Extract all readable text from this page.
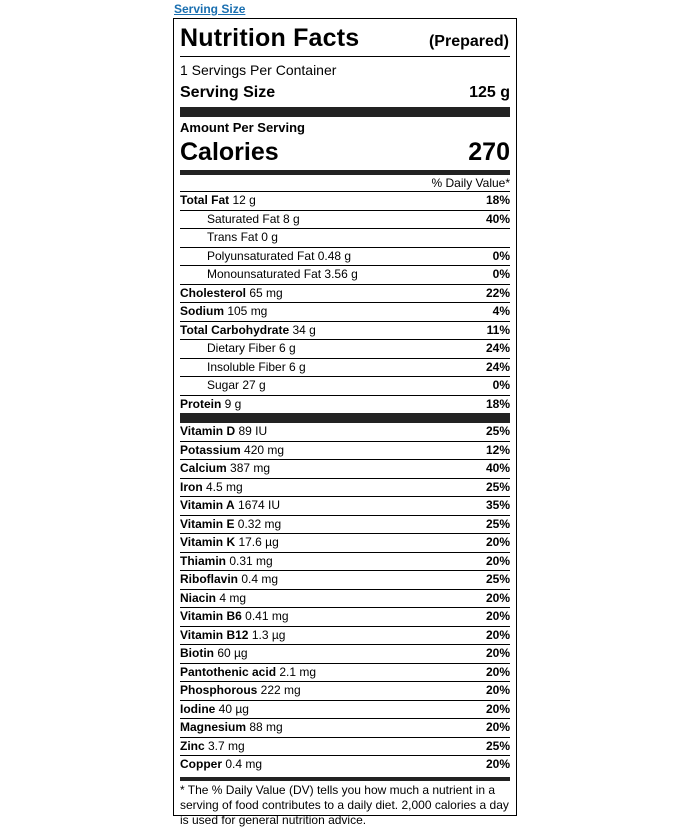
Serving Size
Nutrition Facts	(Prepared)
1 Servings Per Container
Serving Size	125 g
Amount Per Serving
Calories	270
% Daily Value*
Total Fat 12 g	18%
Saturated Fat 8 g	40%
Trans Fat 0 g
Polyunsaturated Fat 0.48 g	0%
Monounsaturated Fat 3.56 g	0%
Cholesterol 65 mg	22%
Sodium 105 mg	4%
Total Carbohydrate 34 g	11%
Dietary Fiber 6 g	24%
Insoluble Fiber 6 g	24%
Sugar 27 g	0%
Protein 9 g	18%
Vitamin D 89 IU	25%
Potassium 420 mg	12%
Calcium 387 mg	40%
Iron 4.5 mg	25%
Vitamin A 1674 IU	35%
Vitamin E 0.32 mg	25%
Vitamin K 17.6 µg	20%
Thiamin 0.31 mg	20%
Riboflavin 0.4 mg	25%
Niacin 4 mg	20%
Vitamin B6 0.41 mg	20%
Vitamin B12 1.3 µg	20%
Biotin 60 µg	20%
Pantothenic acid 2.1 mg	20%
Phosphorous 222 mg	20%
Iodine 40 µg	20%
Magnesium 88 mg	20%
Zinc 3.7 mg	25%
Copper 0.4 mg	20%
* The % Daily Value (DV) tells you how much a nutrient in a serving of food contributes to a daily diet. 2,000 calories a day is used for general nutrition advice.
